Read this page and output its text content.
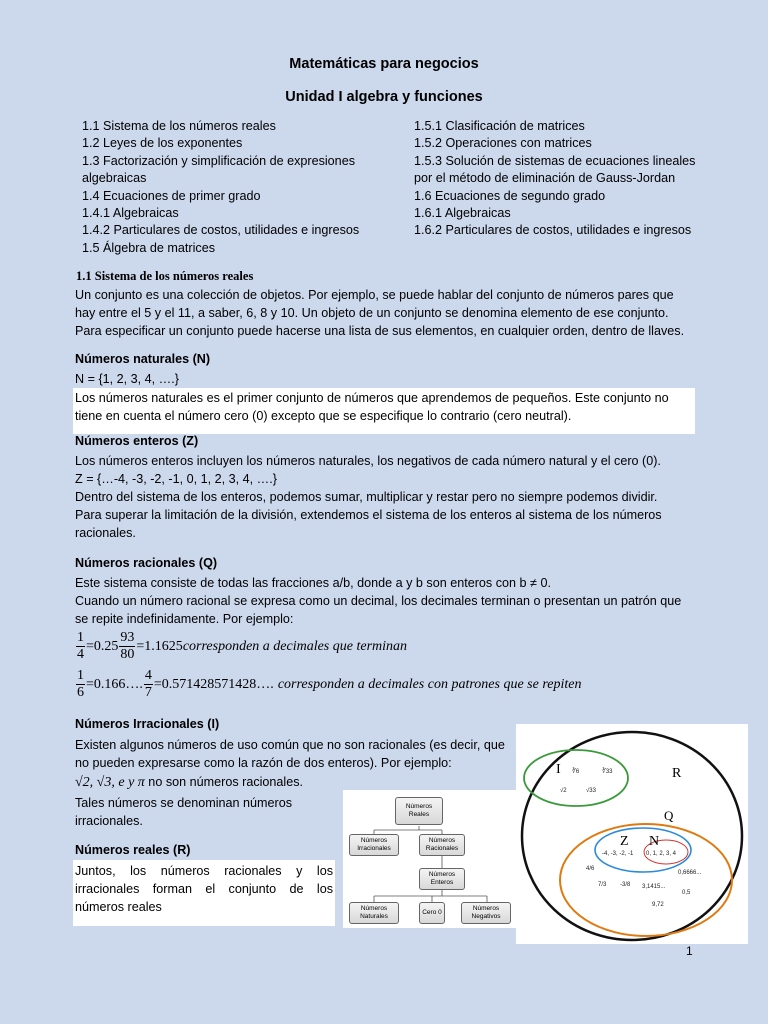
Matemáticas para negocios
Unidad I algebra y funciones
1.1 Sistema de los números reales
1.2 Leyes de los exponentes
1.3 Factorización y simplificación de expresiones
algebraicas
1.4 Ecuaciones de primer grado
1.4.1 Algebraicas
1.4.2 Particulares de costos, utilidades e ingresos
1.5 Álgebra de matrices
1.5.1 Clasificación de matrices
1.5.2 Operaciones con matrices
1.5.3 Solución de sistemas de ecuaciones lineales
por el método de eliminación de Gauss-Jordan
1.6 Ecuaciones de segundo grado
1.6.1 Algebraicas
1.6.2 Particulares de costos, utilidades e ingresos
1.1 Sistema de los números reales
Un conjunto es una colección de objetos. Por ejemplo, se puede hablar del conjunto de números pares que
hay entre el 5 y el 11, a saber, 6, 8 y 10. Un objeto de un conjunto se denomina elemento de ese conjunto.
Para especificar un conjunto puede hacerse una lista de sus elementos, en cualquier orden, dentro de llaves.
Números naturales (N)
N = {1, 2, 3, 4, ….}
Los números naturales es el primer conjunto de números que aprendemos de pequeños. Este conjunto no
tiene en cuenta el número cero (0) excepto que se especifique lo contrario (cero neutral).
Números enteros (Z)
Los números enteros incluyen los números naturales, los negativos de cada número natural y el cero (0).
Z = {…-4, -3, -2, -1, 0, 1, 2, 3, 4, ….}
Dentro del sistema de los enteros, podemos sumar, multiplicar y restar pero no siempre podemos dividir.
Para superar la limitación de la división, extendemos el sistema de los enteros al sistema de los números
racionales.
Números racionales (Q)
Este sistema consiste de todas las fracciones a/b, donde a y b son enteros con b ≠ 0.
Cuando un número racional se expresa como un decimal, los decimales terminan o presentan un patrón que
se repite indefinidamente. Por ejemplo:
$\frac{1}{4} =0.25 \frac{93}{80} =1.1625$ corresponden a decimales que terminan
$\frac{1}{6}$ =0.166…. $\frac{4}{7}$ =0.571428571428…. corresponden a decimales con patrones que se repiten
Números Irracionales (I)
Existen algunos números de uso común que no son racionales (es decir, que
no pueden expresarse como la razón de dos enteros). Por ejemplo:
√2, √3, e y π no son números racionales.
Tales números se denominan números
irracionales.
Números reales (R)
Juntos, los números racionales y los
irracionales forman el conjunto de los
números reales
Números Reales
Números Irracionales
Números Racionales
Números Enteros
Números Naturales
Cero 0
Números Negativos
I	R
Q
Z N
∛6	∛33
√2	√33
-4, -3, -2, -1 0, 1, 2, 3, 4
4/6
7/3 -3/8 3,1415...
0,6666...
0,5
9,72
1
